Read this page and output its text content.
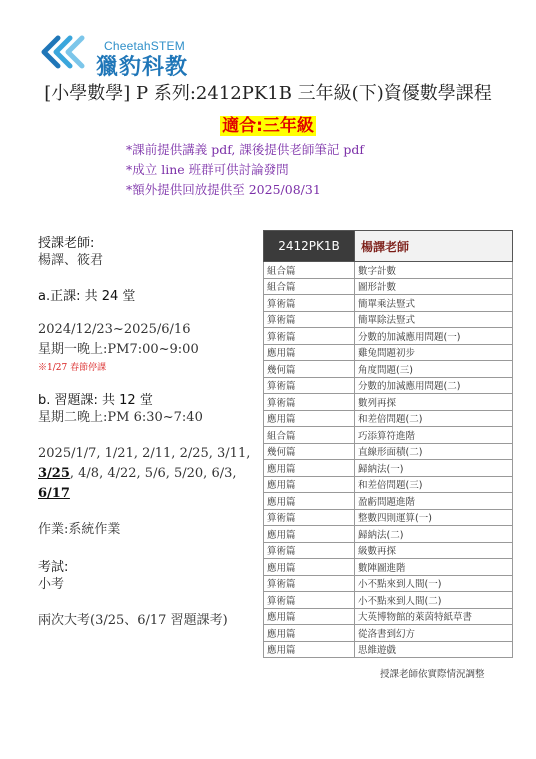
CheetahSTEM
獵豹科教
[小學數學] P 系列:2412PK1B 三年級(下)資優數學課程
適合:三年級
*課前提供講義 pdf, 課後提供老師筆記 pdf
*成立 line 班群可供討論發問
*額外提供回放提供至 2025/08/31
授課老師:
楊譯、筱君
a.正課: 共 24 堂
2024/12/23~2025/6/16
星期一晚上:PM7:00~9:00
※1/27 春節停課
b. 習題課: 共 12 堂
星期二晚上:PM 6:30~7:40
2025/1/7, 1/21, 2/11, 2/25, 3/11,
3/25, 4/8, 4/22, 5/6, 5/20, 6/3, 6/17
作業:系統作業
考試:
小考
兩次大考(3/25、6/17 習題課考)
2412PK1B	楊譯老師
組合篇	數字計數
組合篇	圖形計數
算術篇	簡單乘法豎式
算術篇	簡單除法豎式
算術篇	分數的加減應用問題(一)
應用篇	雞兔問題初步
幾何篇	角度問題(三)
算術篇	分數的加減應用問題(二)
算術篇	數列再探
應用篇	和差倍問題(二)
組合篇	巧添算符進階
幾何篇	直線形面積(二)
應用篇	歸納法(一)
應用篇	和差倍問題(三)
應用篇	盈虧問題進階
算術篇	整數四則運算(一)
應用篇	歸納法(二)
算術篇	級數再探
應用篇	數陣圖進階
算術篇	小不點來到人間(一)
算術篇	小不點來到人間(二)
應用篇	大英博物館的萊茵特紙草書
應用篇	從洛書到幻方
應用篇	思維遊戲
授課老師依實際情況調整
